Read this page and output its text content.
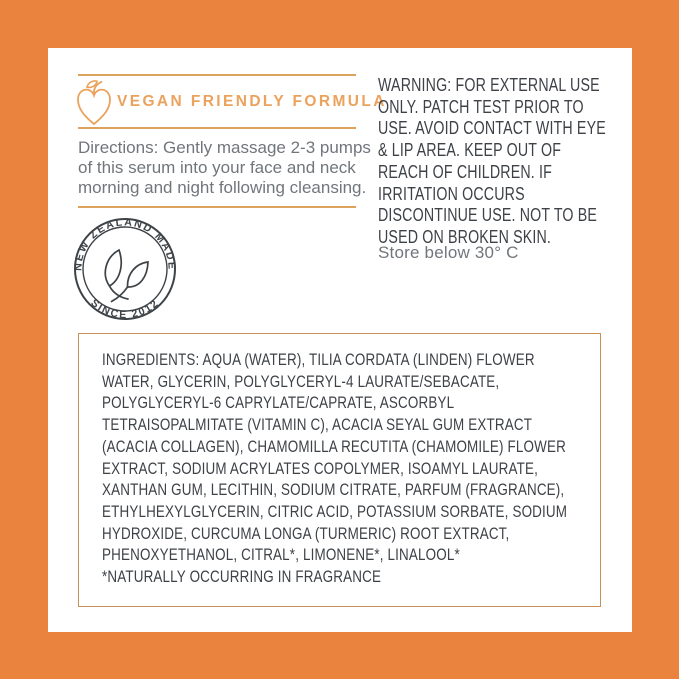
VEGAN FRIENDLY FORMULA
Directions: Gently massage 2-3 pumps of this serum into your face and neck morning and night following cleansing.
NEW ZEALAND MADE
SINCE 2012
WARNING: FOR EXTERNAL USE ONLY. PATCH TEST PRIOR TO USE. AVOID CONTACT WITH EYE & LIP AREA. KEEP OUT OF REACH OF CHILDREN. IF IRRITATION OCCURS DISCONTINUE USE. NOT TO BE USED ON BROKEN SKIN.
Store below 30° C
INGREDIENTS: AQUA (WATER), TILIA CORDATA (LINDEN) FLOWER WATER, GLYCERIN, POLYGLYCERYL-4 LAURATE/SEBACATE, POLYGLYCERYL-6 CAPRYLATE/CAPRATE, ASCORBYL TETRAISOPALMITATE (VITAMIN C), ACACIA SEYAL GUM EXTRACT (ACACIA COLLAGEN), CHAMOMILLA RECUTITA (CHAMOMILE) FLOWER EXTRACT, SODIUM ACRYLATES COPOLYMER, ISOAMYL LAURATE, XANTHAN GUM, LECITHIN, SODIUM CITRATE, PARFUM (FRAGRANCE), ETHYLHEXYLGLYCERIN, CITRIC ACID, POTASSIUM SORBATE, SODIUM HYDROXIDE, CURCUMA LONGA (TURMERIC) ROOT EXTRACT, PHENOXYETHANOL, CITRAL*, LIMONENE*, LINALOOL*
*NATURALLY OCCURRING IN FRAGRANCE
